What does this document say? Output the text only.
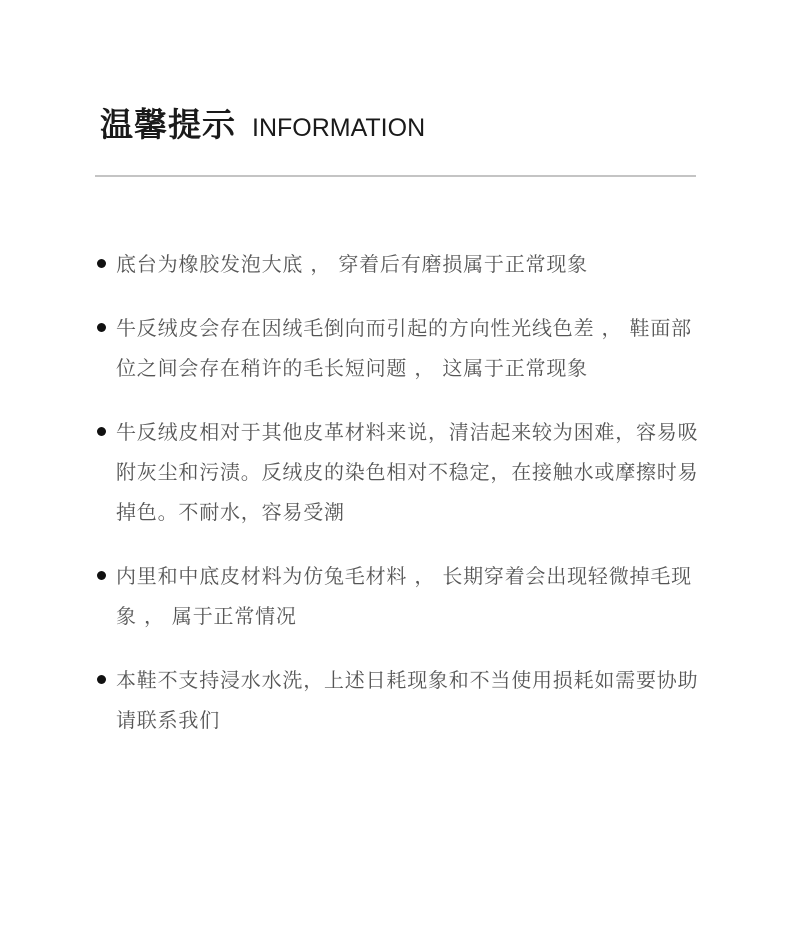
温馨提示 INFORMATION
底台为橡胶发泡大底 ， 穿着后有磨损属于正常现象
牛反绒皮会存在因绒毛倒向而引起的方向性光线色差 ， 鞋面部位之间会存在稍许的毛长短问题 ， 这属于正常现象
牛反绒皮相对于其他皮革材料来说，清洁起来较为困难，容易吸附灰尘和污渍。反绒皮的染色相对不稳定，在接触水或摩擦时易掉色。不耐水，容易受潮
内里和中底皮材料为仿兔毛材料 ， 长期穿着会出现轻微掉毛现象 ， 属于正常情况
本鞋不支持浸水水洗，上述日耗现象和不当使用损耗如需要协助请联系我们
